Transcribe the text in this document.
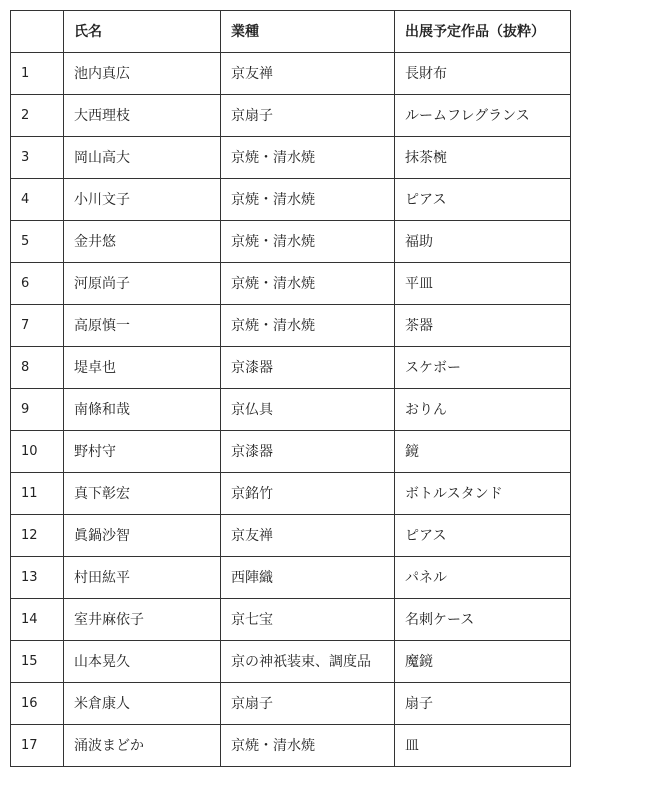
	氏名	業種	出展予定作品（抜粋）
1	池内真広	京友禅	長財布
2	大西理枝	京扇子	ルームフレグランス
3	岡山高大	京焼・清水焼	抹茶椀
4	小川文子	京焼・清水焼	ピアス
5	金井悠	京焼・清水焼	福助
6	河原尚子	京焼・清水焼	平皿
7	高原慎一	京焼・清水焼	茶器
8	堤卓也	京漆器	スケボー
9	南條和哉	京仏具	おりん
10	野村守	京漆器	鏡
11	真下彰宏	京銘竹	ボトルスタンド
12	眞鍋沙智	京友禅	ピアス
13	村田紘平	西陣織	パネル
14	室井麻依子	京七宝	名刺ケース
15	山本晃久	京の神祇装束、調度品	魔鏡
16	米倉康人	京扇子	扇子
17	涌波まどか	京焼・清水焼	皿
